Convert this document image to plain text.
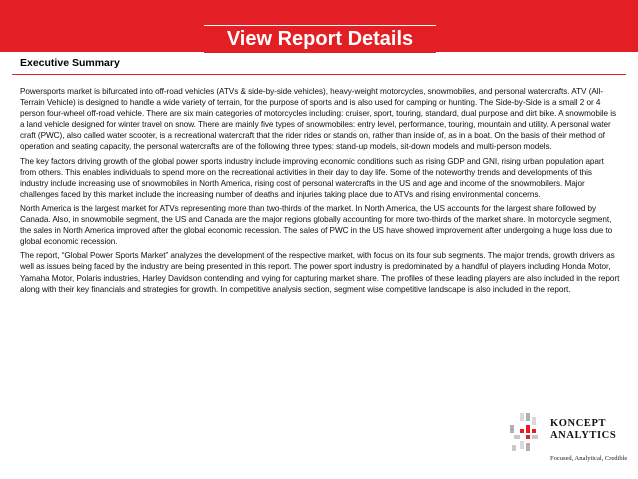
View Report Details
Executive Summary

Powersports market is bifurcated into off-road vehicles (ATVs & side-by-side vehicles), heavy-weight motorcycles, snowmobiles, and personal watercrafts. ATV (All-Terrain Vehicle) is designed to handle a wide variety of terrain, for the purpose of sports and is also used for camping or hunting. The Side-by-Side is a small 2 or 4 person four-wheel off-road vehicle. There are six main categories of motorcycles including: cruiser, sport, touring, standard, dual purpose and dirt bike. A snowmobile is a land vehicle designed for winter travel on snow. There are mainly five types of snowmobiles: entry level, performance, touring, mountain and utility. A personal water craft (PWC), also called water scooter, is a recreational watercraft that the rider rides or stands on, rather than inside of, as in a boat. On the basis of their method of operation and seating capacity, the personal watercrafts are of the following three types: stand-up models, sit-down models and multi-person models.

The key factors driving growth of the global power sports industry include improving economic conditions such as rising GDP and GNI, rising urban population apart from others. This enables individuals to spend more on the recreational activities in their day to day life. Some of the noteworthy trends and developments of this industry include increasing use of snowmobiles in North America, rising cost of personal watercrafts in the US and age and income of the snowmobilers. Major challenges faced by this market include the increasing number of deaths and injuries taking place due to ATVs and rising environmental concerns.

North America is the largest market for ATVs representing more than two-thirds of the market. In North America, the US accounts for the largest share followed by Canada. Also, in snowmobile segment, the US and Canada are the major regions globally accounting for more two-thirds of the market share. In motorcycle segment, the sales in North America improved after the global economic recession. The sales of PWC in the US have showed improvement after undergoing a huge loss due to global economic recession.

The report, “Global Power Sports Market” analyzes the development of the respective market, with focus on its four sub segments. The major trends, growth drivers as well as issues being faced by the industry are being presented in this report. The power sport industry is predominated by a handful of players including Honda Motor, Yamaha Motor, Polaris industries, Harley Davidson contending and vying for capturing market share. The profiles of these leading players are also included in the report along with their key financials and strategies for growth. In competitive analysis section, segment wise competitive landscape is also included in the report.

KONCEPT
ANALYTICS
Focused, Analytical, Credible
